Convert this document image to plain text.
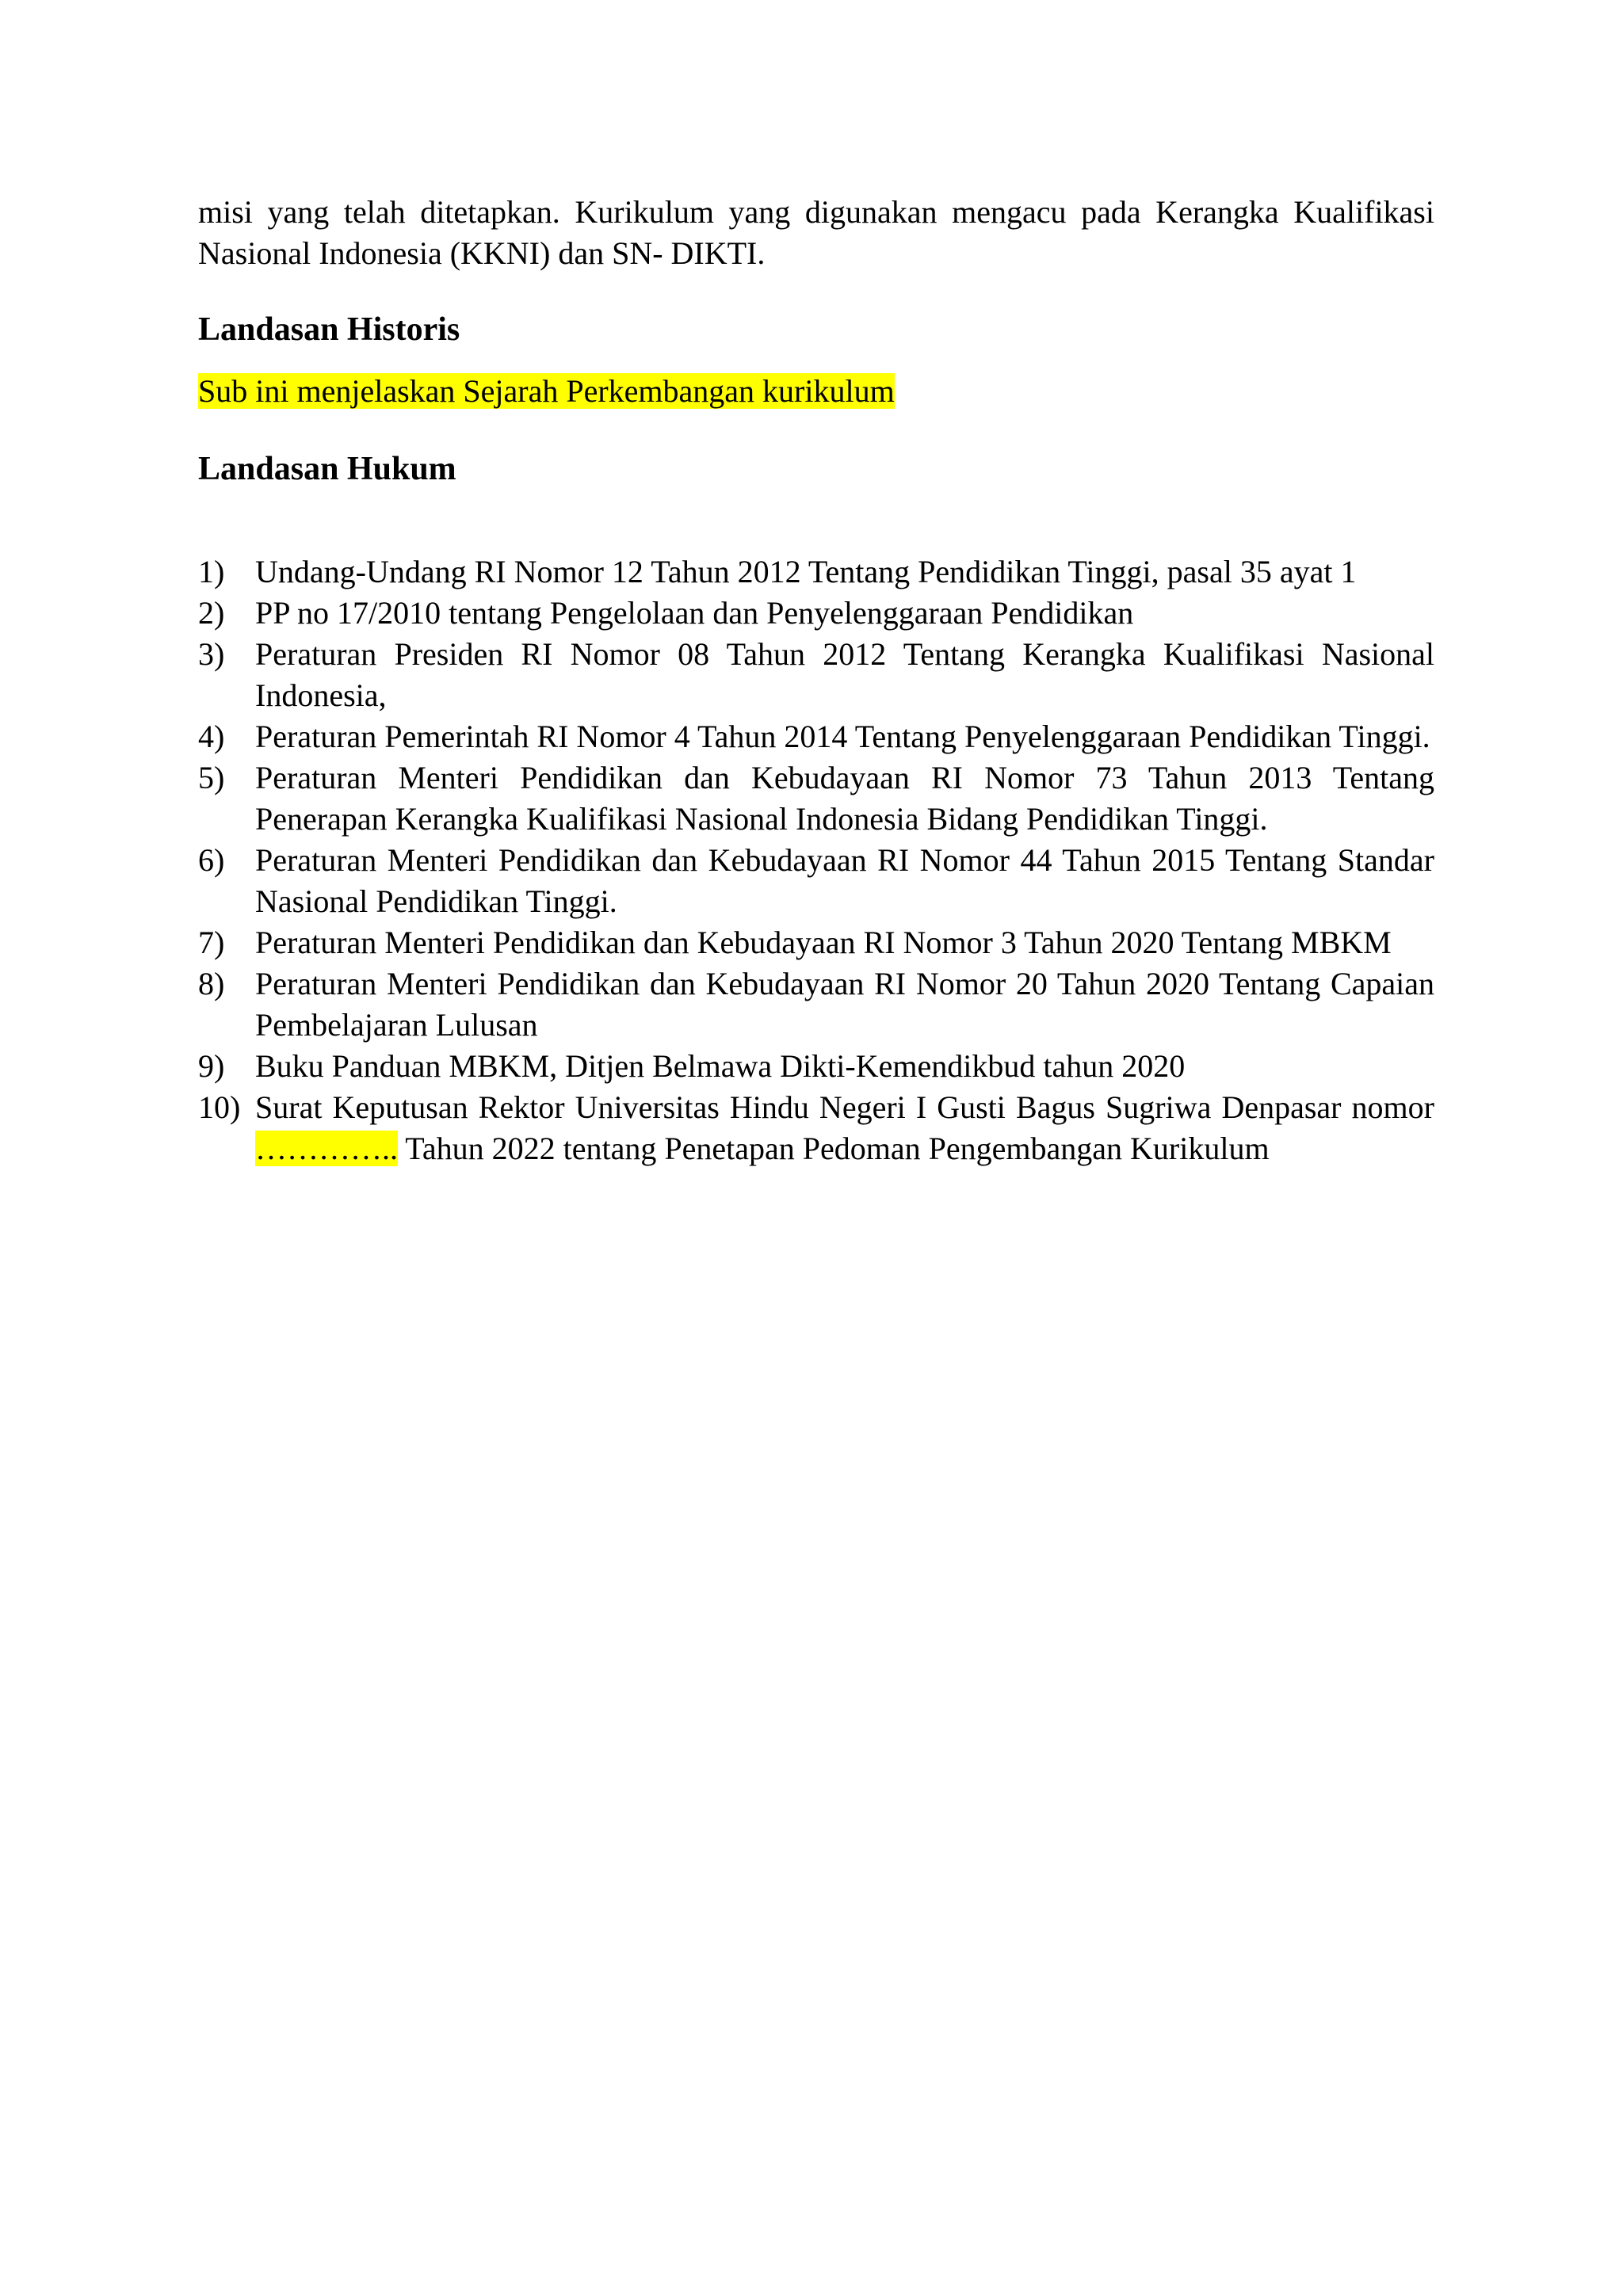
misi yang telah ditetapkan. Kurikulum yang digunakan mengacu pada Kerangka Kualifikasi Nasional Indonesia (KKNI) dan SN- DIKTI.

Landasan Historis

Sub ini menjelaskan Sejarah Perkembangan kurikulum

Landasan Hukum
1) Undang-Undang RI Nomor 12 Tahun 2012 Tentang Pendidikan Tinggi, pasal 35 ayat 1
2) PP no 17/2010 tentang Pengelolaan dan Penyelenggaraan Pendidikan
3) Peraturan Presiden RI Nomor 08 Tahun 2012 Tentang Kerangka Kualifikasi Nasional Indonesia,
4) Peraturan Pemerintah RI Nomor 4 Tahun 2014 Tentang Penyelenggaraan Pendidikan Tinggi.
5) Peraturan Menteri Pendidikan dan Kebudayaan RI Nomor 73 Tahun 2013 Tentang Penerapan Kerangka Kualifikasi Nasional Indonesia Bidang Pendidikan Tinggi.
6) Peraturan Menteri Pendidikan dan Kebudayaan RI Nomor 44 Tahun 2015 Tentang Standar Nasional Pendidikan Tinggi.
7) Peraturan Menteri Pendidikan dan Kebudayaan RI Nomor 3 Tahun 2020 Tentang MBKM
8) Peraturan Menteri Pendidikan dan Kebudayaan RI Nomor 20 Tahun 2020 Tentang Capaian Pembelajaran Lulusan
9) Buku Panduan MBKM, Ditjen Belmawa Dikti-Kemendikbud tahun 2020
10) Surat Keputusan Rektor Universitas Hindu Negeri I Gusti Bagus Sugriwa Denpasar nomor ………….. Tahun 2022 tentang Penetapan Pedoman Pengembangan Kurikulum
